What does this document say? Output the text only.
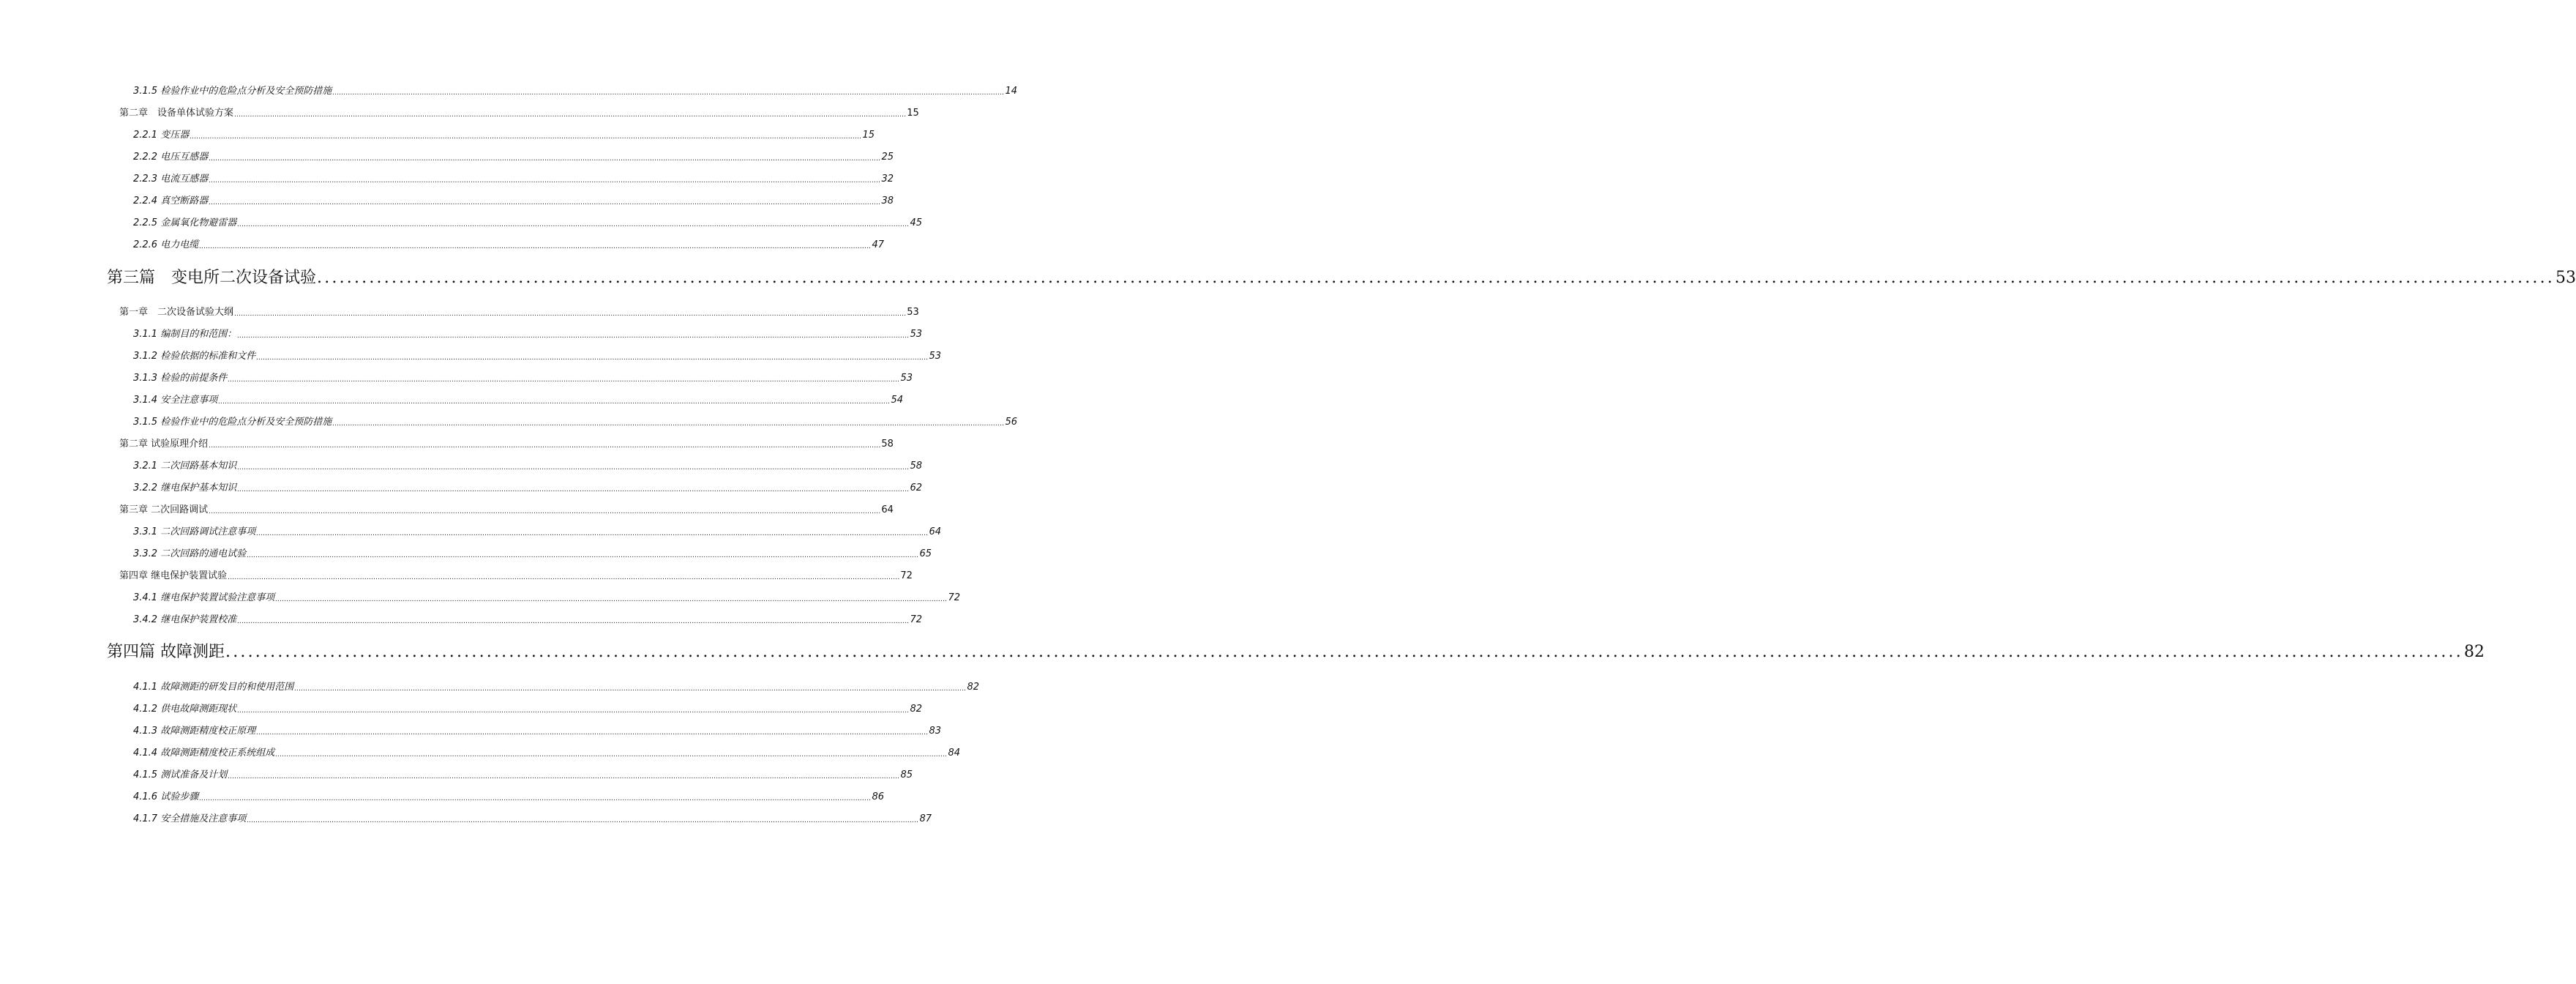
3.1.5 检验作业中的危险点分析及安全预防措施 ............................................................................................................................................................................................................................................................................................................ 14
第二章　设备单体试验方案 ............................................................................................................................................................................................................................................................................................................ 15
2.2.1 变压器 ............................................................................................................................................................................................................................................................................................................ 15
2.2.2 电压互感器 ............................................................................................................................................................................................................................................................................................................ 25
2.2.3 电流互感器 ............................................................................................................................................................................................................................................................................................................ 32
2.2.4 真空断路器 ............................................................................................................................................................................................................................................................................................................ 38
2.2.5 金属氧化物避雷器 ............................................................................................................................................................................................................................................................................................................ 45
2.2.6 电力电缆 ............................................................................................................................................................................................................................................................................................................ 47
第三篇　变电所二次设备试验 ............................................................................................................................................................................................................................................................................................................ 53
第一章　二次设备试验大纲 ............................................................................................................................................................................................................................................................................................................ 53
3.1.1 编制目的和范围： ............................................................................................................................................................................................................................................................................................................ 53
3.1.2 检验依据的标准和文件 ............................................................................................................................................................................................................................................................................................................ 53
3.1.3 检验的前提条件 ............................................................................................................................................................................................................................................................................................................ 53
3.1.4 安全注意事项 ............................................................................................................................................................................................................................................................................................................ 54
3.1.5 检验作业中的危险点分析及安全预防措施 ............................................................................................................................................................................................................................................................................................................ 56
第二章 试验原理介绍 ............................................................................................................................................................................................................................................................................................................ 58
3.2.1 二次回路基本知识 ............................................................................................................................................................................................................................................................................................................ 58
3.2.2 继电保护基本知识 ............................................................................................................................................................................................................................................................................................................ 62
第三章 二次回路调试 ............................................................................................................................................................................................................................................................................................................ 64
3.3.1 二次回路调试注意事项 ............................................................................................................................................................................................................................................................................................................ 64
3.3.2 二次回路的通电试验 ............................................................................................................................................................................................................................................................................................................ 65
第四章 继电保护装置试验 ............................................................................................................................................................................................................................................................................................................ 72
3.4.1 继电保护装置试验注意事项 ............................................................................................................................................................................................................................................................................................................ 72
3.4.2 继电保护装置校准 ............................................................................................................................................................................................................................................................................................................ 72
第四篇 故障测距 ............................................................................................................................................................................................................................................................................................................ 82
4.1.1 故障测距的研发目的和使用范围 ............................................................................................................................................................................................................................................................................................................ 82
4.1.2 供电故障测距现状 ............................................................................................................................................................................................................................................................................................................ 82
4.1.3 故障测距精度校正原理 ............................................................................................................................................................................................................................................................................................................ 83
4.1.4 故障测距精度校正系统组成 ............................................................................................................................................................................................................................................................................................................ 84
4.1.5 测试准备及计划 ............................................................................................................................................................................................................................................................................................................ 85
4.1.6 试验步骤 ............................................................................................................................................................................................................................................................................................................ 86
4.1.7 安全措施及注意事项 ............................................................................................................................................................................................................................................................................................................ 87
